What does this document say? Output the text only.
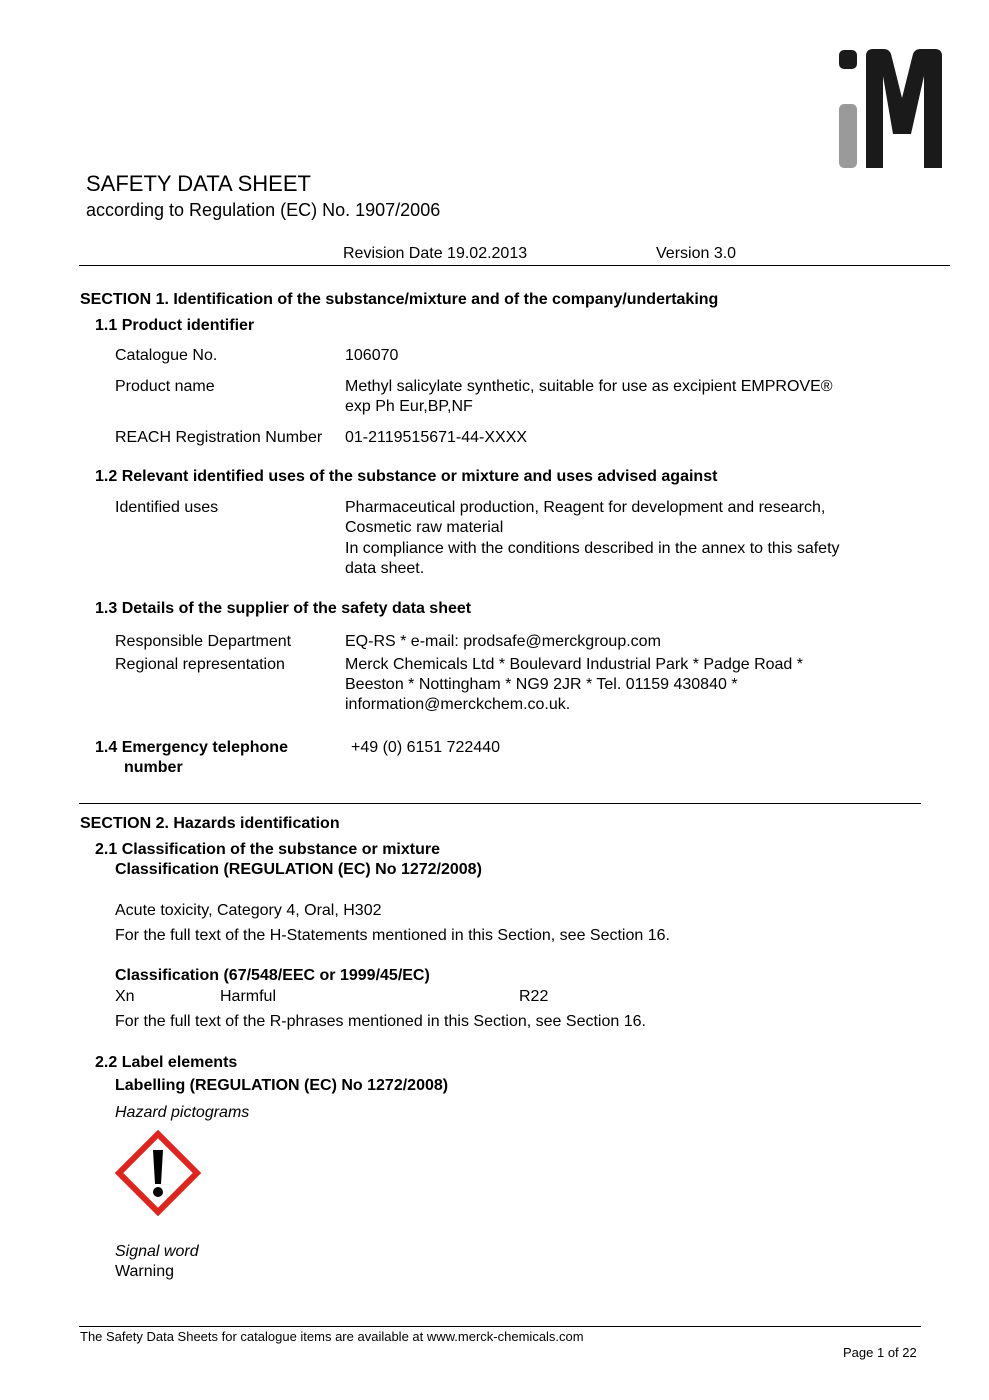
SAFETY DATA SHEET
according to Regulation (EC) No. 1907/2006
Revision Date 19.02.2013	Version 3.0
SECTION 1. Identification of the substance/mixture and of the company/undertaking
1.1 Product identifier
Catalogue No.	106070
Product name	Methyl salicylate synthetic, suitable for use as excipient EMPROVE®
exp Ph Eur,BP,NF
REACH Registration Number 01-2119515671-44-XXXX
1.2 Relevant identified uses of the substance or mixture and uses advised against
Identified uses	Pharmaceutical production, Reagent for development and research,
Cosmetic raw material
In compliance with the conditions described in the annex to this safety
data sheet.
1.3 Details of the supplier of the safety data sheet
Responsible Department	EQ-RS * e-mail: prodsafe@merckgroup.com
Regional representation	Merck Chemicals Ltd * Boulevard Industrial Park * Padge Road *
Beeston * Nottingham * NG9 2JR * Tel. 01159 430840 *
information@merckchem.co.uk.
1.4 Emergency telephone
number
+49 (0) 6151 722440
SECTION 2. Hazards identification
2.1 Classification of the substance or mixture
Classification (REGULATION (EC) No 1272/2008)
Acute toxicity, Category 4, Oral, H302
For the full text of the H-Statements mentioned in this Section, see Section 16.
Classification (67/548/EEC or 1999/45/EC)
Xn	Harmful	R22
For the full text of the R-phrases mentioned in this Section, see Section 16.
2.2 Label elements
Labelling (REGULATION (EC) No 1272/2008)
Hazard pictograms
Signal word
Warning
The Safety Data Sheets for catalogue items are available at www.merck-chemicals.com
Page 1 of 22
